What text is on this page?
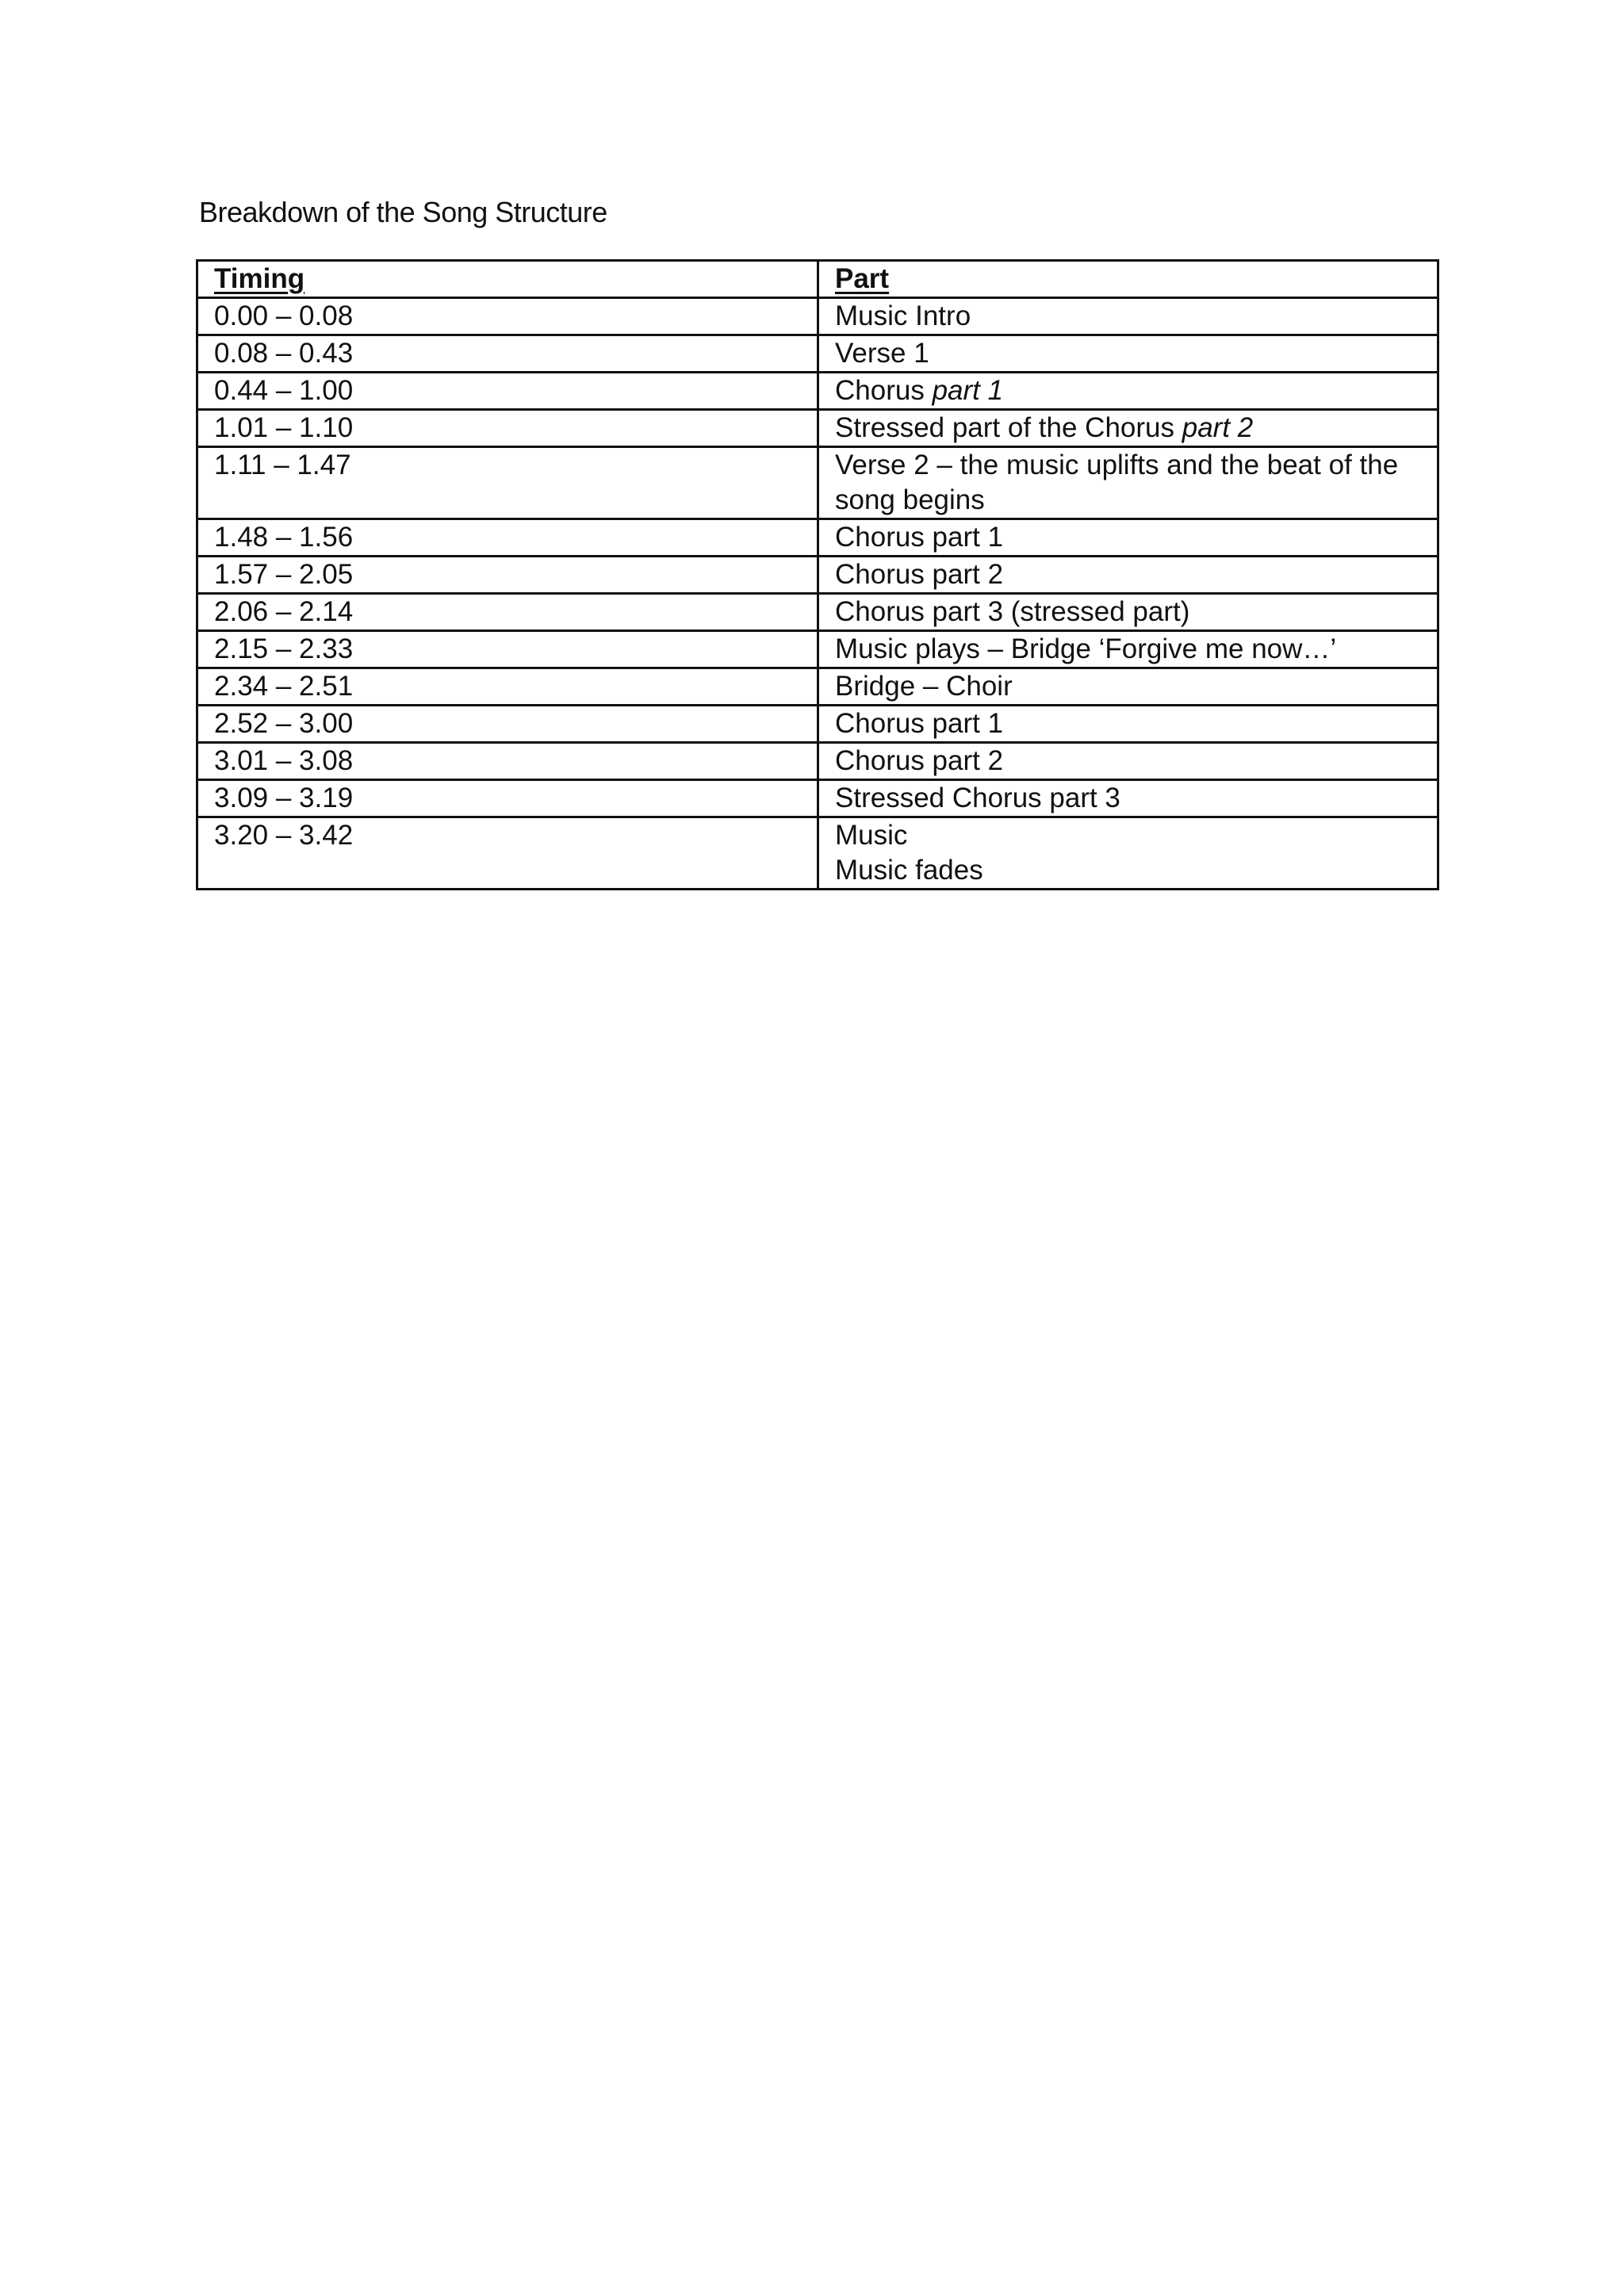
Breakdown of the Song Structure
Timing	Part
0.00 – 0.08	Music Intro
0.08 – 0.43	Verse 1
0.44 – 1.00	Chorus part 1
1.01 – 1.10	Stressed part of the Chorus part 2
1.11 – 1.47	Verse 2 – the music uplifts and the beat of the song begins
1.48 – 1.56	Chorus part 1
1.57 – 2.05	Chorus part 2
2.06 – 2.14	Chorus part 3 (stressed part)
2.15 – 2.33	Music plays – Bridge ‘Forgive me now…’
2.34 – 2.51	Bridge – Choir
2.52 – 3.00	Chorus part 1
3.01 – 3.08	Chorus part 2
3.09 – 3.19	Stressed Chorus part 3
3.20 – 3.42	Music
Music fades
